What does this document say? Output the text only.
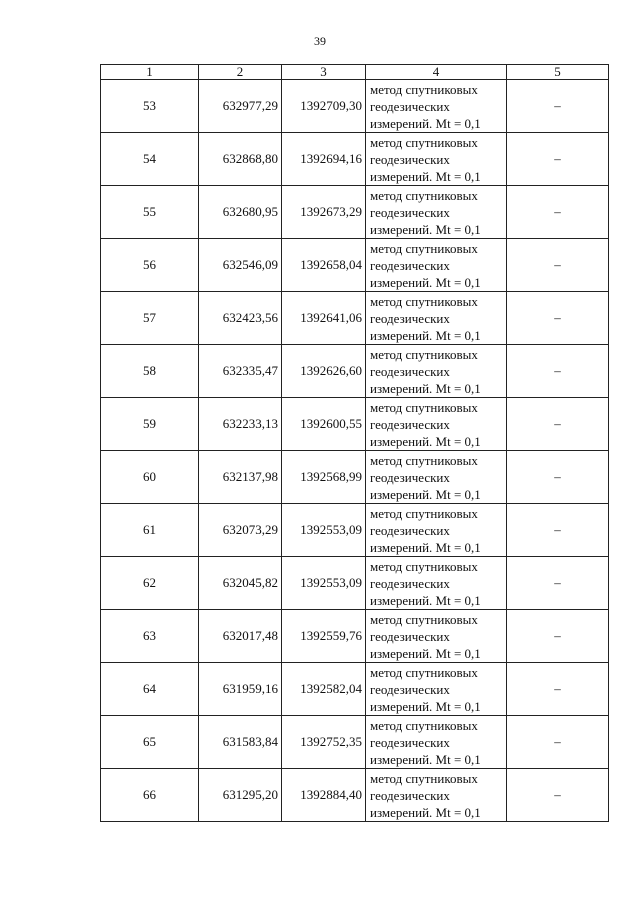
39
1	2	3	4	5
53	632977,29	1392709,30	метод спутниковых
геодезических
измерений. Mt = 0,1	–
54	632868,80	1392694,16	метод спутниковых
геодезических
измерений. Mt = 0,1	–
55	632680,95	1392673,29	метод спутниковых
геодезических
измерений. Mt = 0,1	–
56	632546,09	1392658,04	метод спутниковых
геодезических
измерений. Mt = 0,1	–
57	632423,56	1392641,06	метод спутниковых
геодезических
измерений. Mt = 0,1	–
58	632335,47	1392626,60	метод спутниковых
геодезических
измерений. Mt = 0,1	–
59	632233,13	1392600,55	метод спутниковых
геодезических
измерений. Mt = 0,1	–
60	632137,98	1392568,99	метод спутниковых
геодезических
измерений. Mt = 0,1	–
61	632073,29	1392553,09	метод спутниковых
геодезических
измерений. Mt = 0,1	–
62	632045,82	1392553,09	метод спутниковых
геодезических
измерений. Mt = 0,1	–
63	632017,48	1392559,76	метод спутниковых
геодезических
измерений. Mt = 0,1	–
64	631959,16	1392582,04	метод спутниковых
геодезических
измерений. Mt = 0,1	–
65	631583,84	1392752,35	метод спутниковых
геодезических
измерений. Mt = 0,1	–
66	631295,20	1392884,40	метод спутниковых
геодезических
измерений. Mt = 0,1	–
